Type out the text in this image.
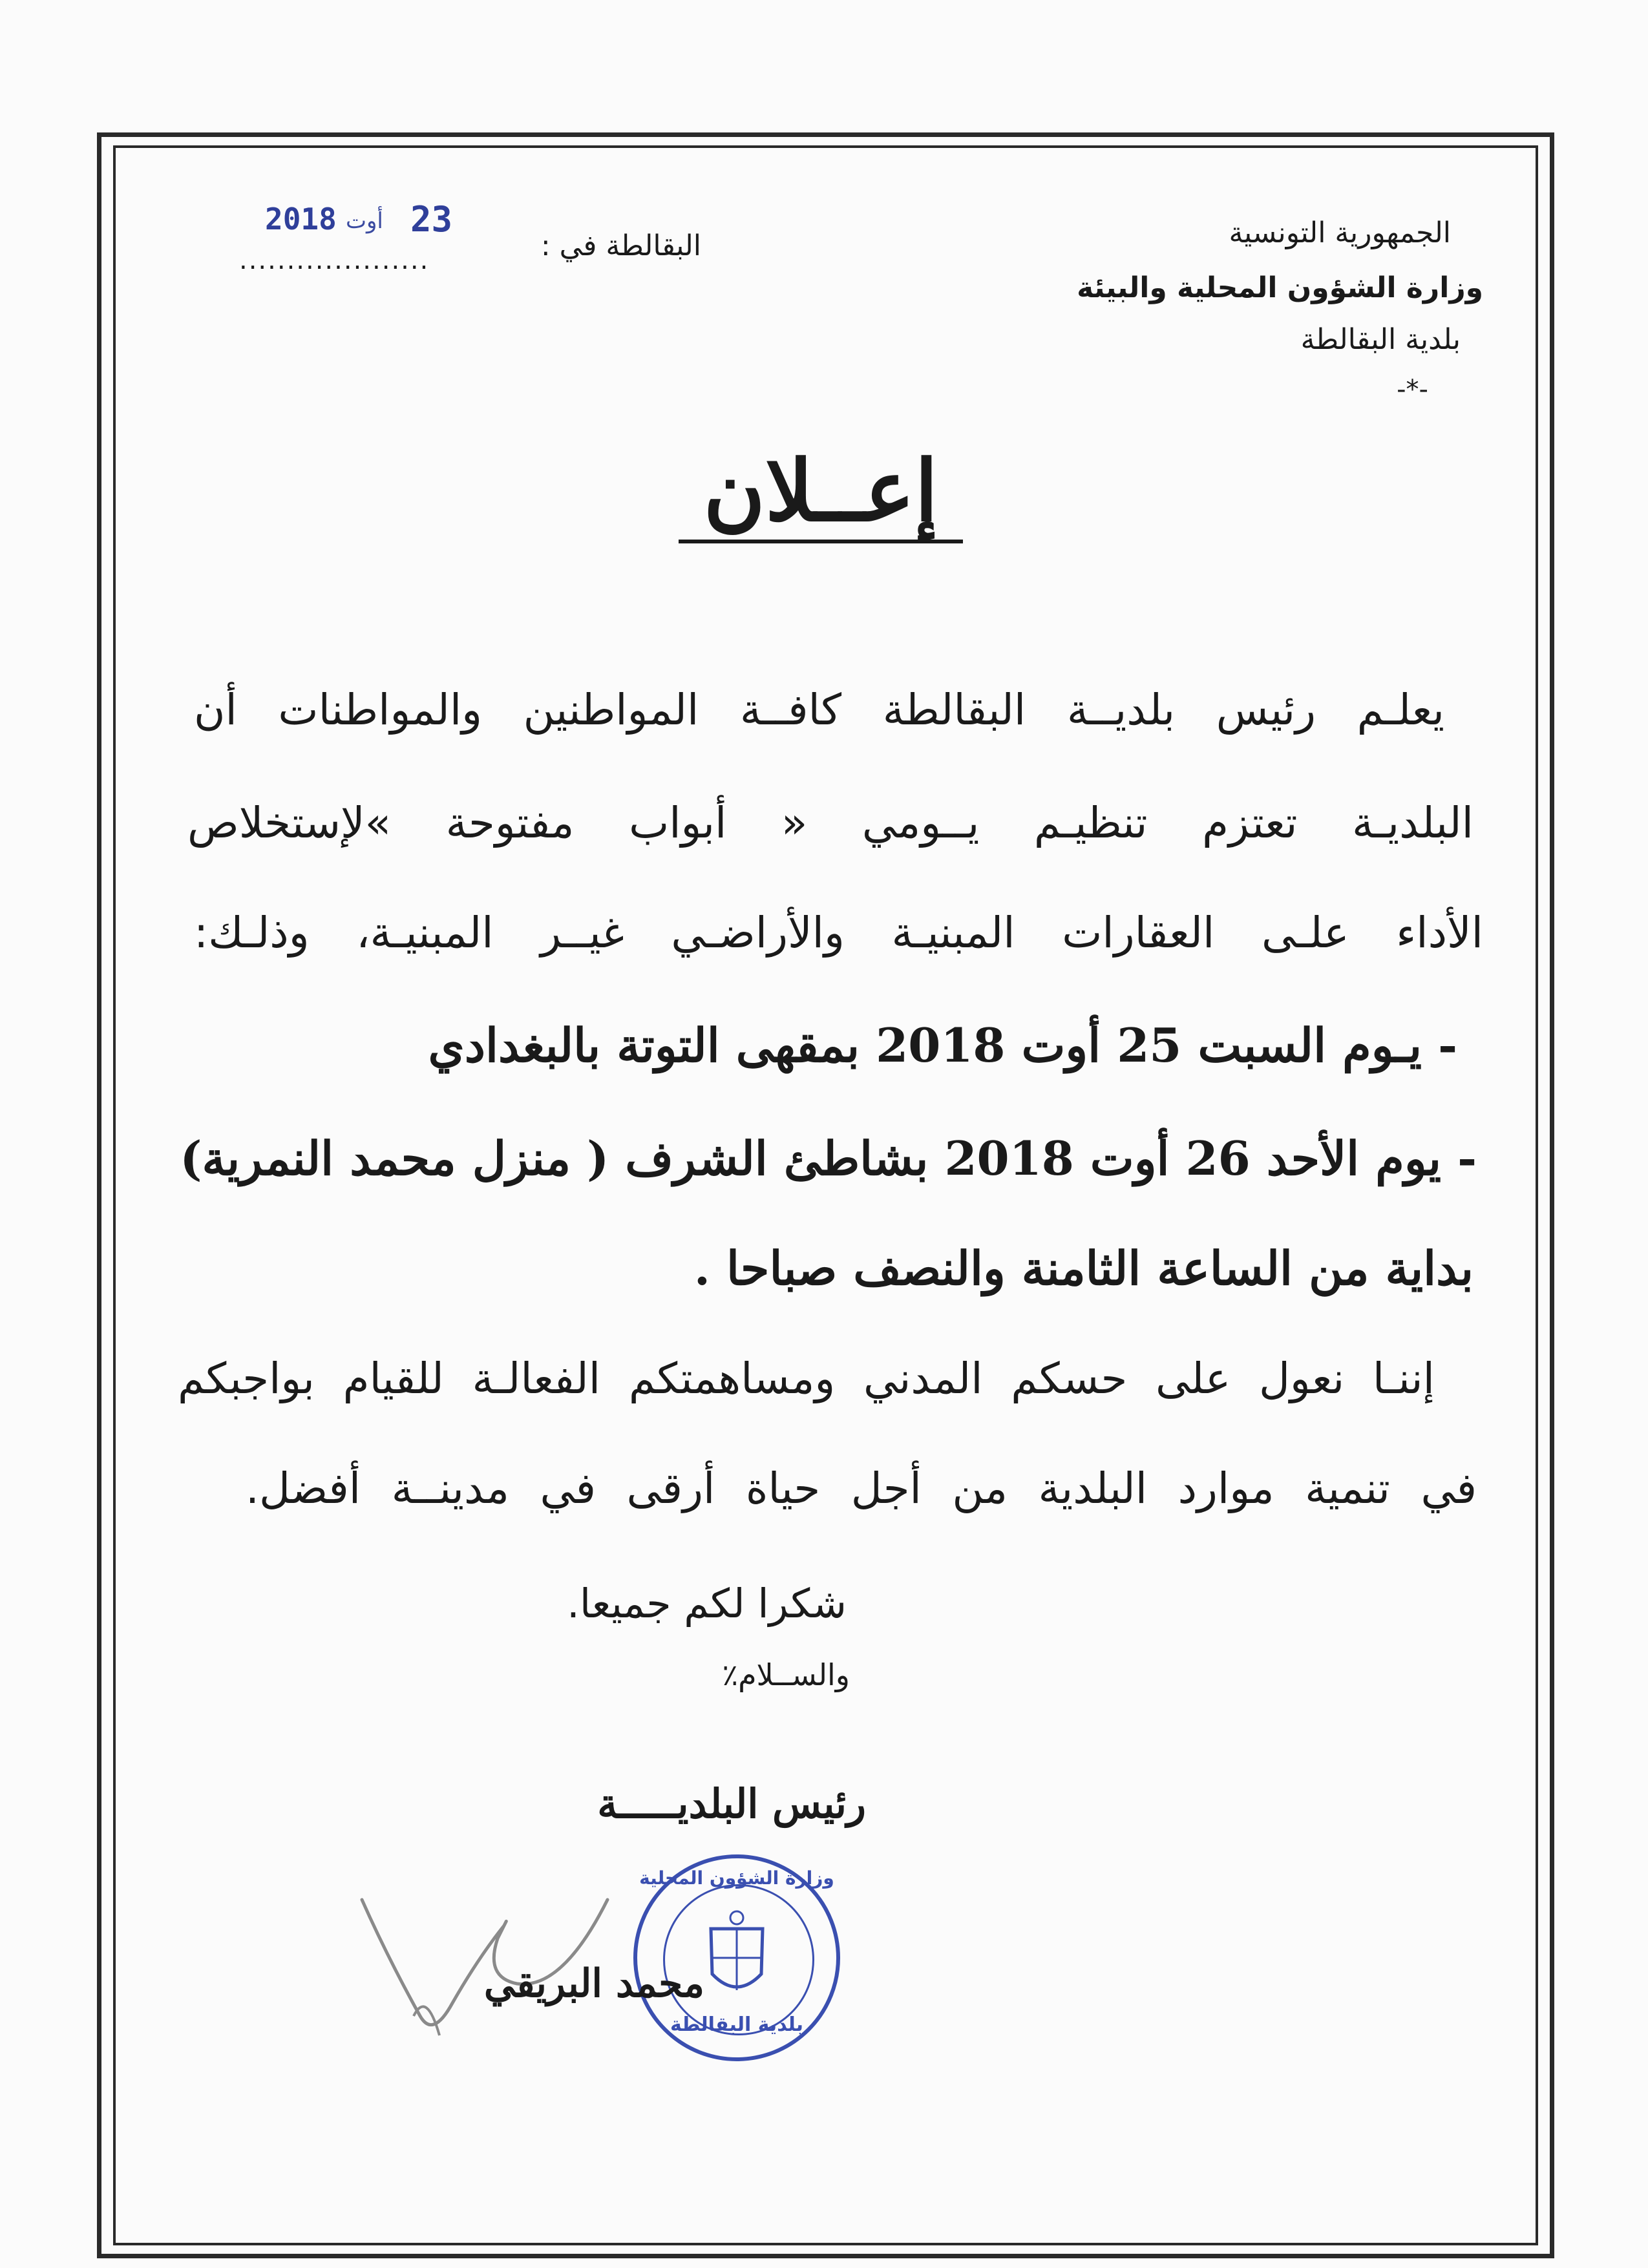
الجمهورية التونسية
وزارة الشؤون المحلية والبيئة
بلدية البقالطة
-*-
البقالطة في :
....................
2018 أوت 23
إعــلان
يعلـم رئيس بلديــة البقالطة كافــة المواطنين والمواطنات أن
البلديـة تعتزم تنظيـم يــومي « أبواب مفتوحة »لإستخلاص
الأداء علـى العقارات المبنيـة والأراضـي غيــر المبنيـة، وذلـك:
- يـوم السبت 25 أوت 2018 بمقهى التوتة بالبغدادي
- يوم الأحد 26 أوت 2018 بشاطئ الشرف ( منزل محمد النمرية)
بداية من الساعة الثامنة والنصف صباحا .
إننـا نعول على حسكم المدني ومساهمتكم الفعالـة للقيام بواجبكم
في تنمية موارد البلدية من أجل حياة أرقى في مدينــة أفضل.
شكرا لكم جميعا.
والســلام٪
رئيس البلديـــــة
وزارة الشؤون المحلية
بلدية البقالطة
محمد البريقي
